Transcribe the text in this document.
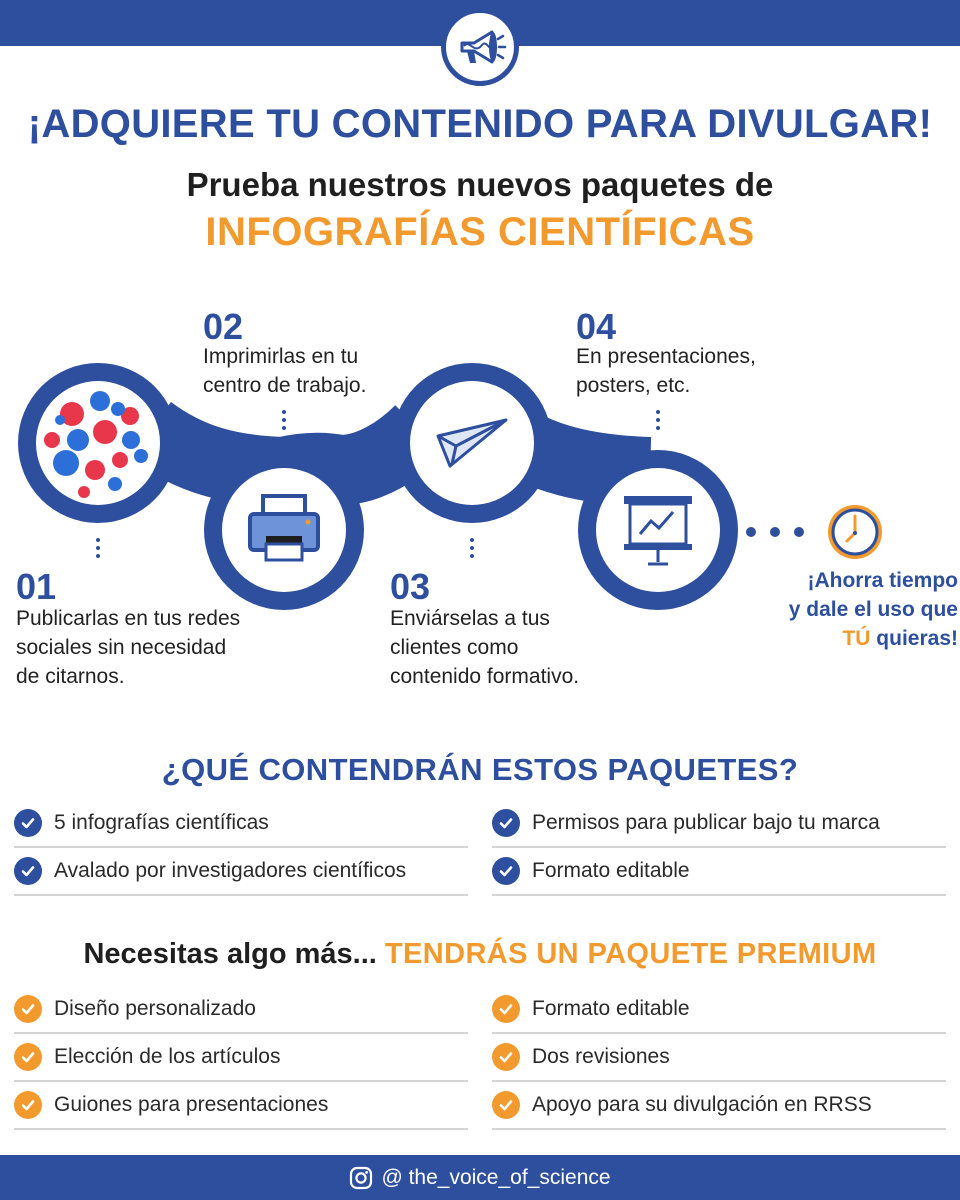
¡ADQUIERE TU CONTENIDO PARA DIVULGAR!
Prueba nuestros nuevos paquetes de
INFOGRAFÍAS CIENTÍFICAS
01
Publicarlas en tus redes
sociales sin necesidad
de citarnos.
02
Imprimirlas en tu
centro de trabajo.
03
Enviárselas a tus
clientes como
contenido formativo.
04
En presentaciones,
posters, etc.
¡Ahorra tiempo
y dale el uso que
TÚ quieras!
¿QUÉ CONTENDRÁN ESTOS PAQUETES?
5 infografías científicas
Avalado por investigadores científicos
Permisos para publicar bajo tu marca
Formato editable
Necesitas algo más... TENDRÁS UN PAQUETE PREMIUM
Diseño personalizado
Elección de los artículos
Guiones para presentaciones
Formato editable
Dos revisiones
Apoyo para su divulgación en RRSS
@ the_voice_of_science
